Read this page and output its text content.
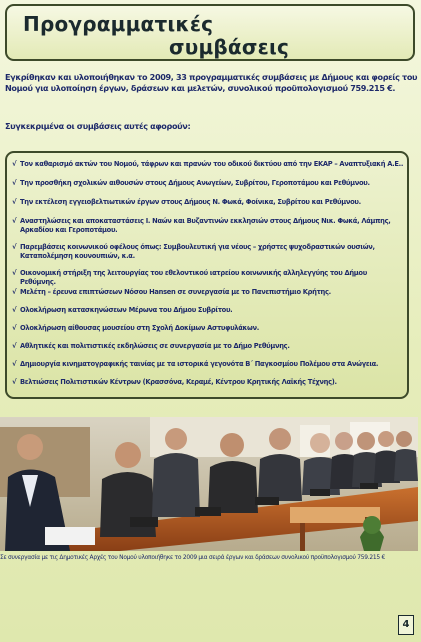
Προγραμματικές
συμβάσεις
Εγκρίθηκαν και υλοποιήθηκαν το 2009, 33 προγραμματικές συμβάσεις με Δήμους και φορείς του Νομού για υλοποίηση έργων, δράσεων και μελετών, συνολικού προϋπολογισμού 759.215 €.
Συγκεκριμένα οι συμβάσεις αυτές αφορούν:
√ Τον καθαρισμό ακτών του Νομού, τάφρων και πρανών του οδικού δικτύου από την ΕΚΑΡ – Αναπτυξιακή Α.Ε..
√ Την προσθήκη σχολικών αιθουσών στους Δήμους Ανωγείων, Συβρίτου, Γεροποτάμου και Ρεθύμνου.
√ Την εκτέλεση εγγειοβελτιωτικών έργων στους Δήμους Ν. Φωκά, Φοίνικα, Συβρίτου και Ρεθύμνου.
√ Αναστηλώσεις και αποκαταστάσεις Ι. Ναών και Βυζαντινών εκκλησιών στους Δήμους Νικ. Φωκά, Λάμπης, Αρκαδίου και Γεροποτάμου.
√ Παρεμβάσεις κοινωνικού οφέλους όπως: Συμβουλευτική για νέους – χρήστες ψυχοδραστικών ουσιών, Καταπολέμηση κουνουπιών, κ.α.
√ Οικονομική στήριξη της λειτουργίας του εθελοντικού ιατρείου κοινωνικής αλληλεγγύης του Δήμου Ρεθύμνης.
√ Μελέτη – έρευνα επιπτώσεων Νόσου Hansen σε συνεργασία με το Πανεπιστήμιο Κρήτης.
√ Ολοκλήρωση κατασκηνώσεων Μέρωνα του Δήμου Συβρίτου.
√ Ολοκλήρωση αίθουσας μουσείου στη Σχολή Δοκίμων Αστυφυλάκων.
√ Αθλητικές και πολιτιστικές εκδηλώσεις σε συνεργασία με το Δήμο Ρεθύμνης.
√ Δημιουργία κινηματογραφικής ταινίας με τα ιστορικά γεγονότα Β΄ Παγκοσμίου Πολέμου στα Ανώγεια.
√ Βελτιώσεις Πολιτιστικών Κέντρων (Κρασσόνα, Κεραμέ, Κέντρου Κρητικής Λαϊκής Τέχνης).
Σε συνεργασία με τις Δημοτικές Αρχές του Νομού υλοποιήθηκε το 2009 μια σειρά έργων και δράσεων συνολικού προϋπολογισμού 759.215 €
4
